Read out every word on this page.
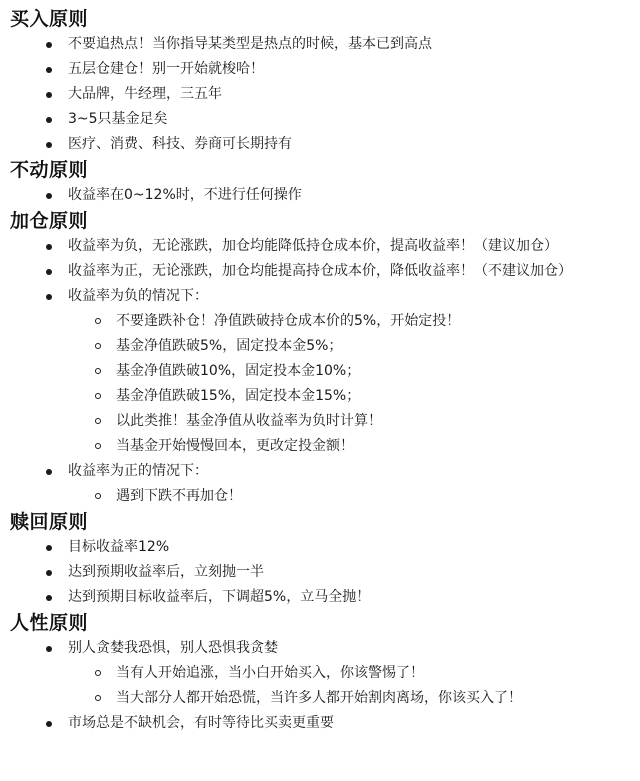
买入原则
不要追热点！当你指导某类型是热点的时候，基本已到高点
五层仓建仓！别一开始就梭哈！
大品牌，牛经理，三五年
3~5只基金足矣
医疗、消费、科技、券商可长期持有
不动原则
收益率在0~12%时，不进行任何操作
加仓原则
收益率为负，无论涨跌，加仓均能降低持仓成本价，提高收益率！（建议加仓）
收益率为正，无论涨跌，加仓均能提高持仓成本价，降低收益率！（不建议加仓）
收益率为负的情况下：
不要逢跌补仓！净值跌破持仓成本价的5%，开始定投！
基金净值跌破5%，固定投本金5%；
基金净值跌破10%，固定投本金10%；
基金净值跌破15%，固定投本金15%；
以此类推！基金净值从收益率为负时计算！
当基金开始慢慢回本，更改定投金额！
收益率为正的情况下：
遇到下跌不再加仓！
赎回原则
目标收益率12%
达到预期收益率后，立刻抛一半
达到预期目标收益率后，下调超5%，立马全抛！
人性原则
别人贪婪我恐惧，别人恐惧我贪婪
当有人开始追涨，当小白开始买入，你该警惕了！
当大部分人都开始恐慌，当许多人都开始割肉离场，你该买入了！
市场总是不缺机会，有时等待比买卖更重要
